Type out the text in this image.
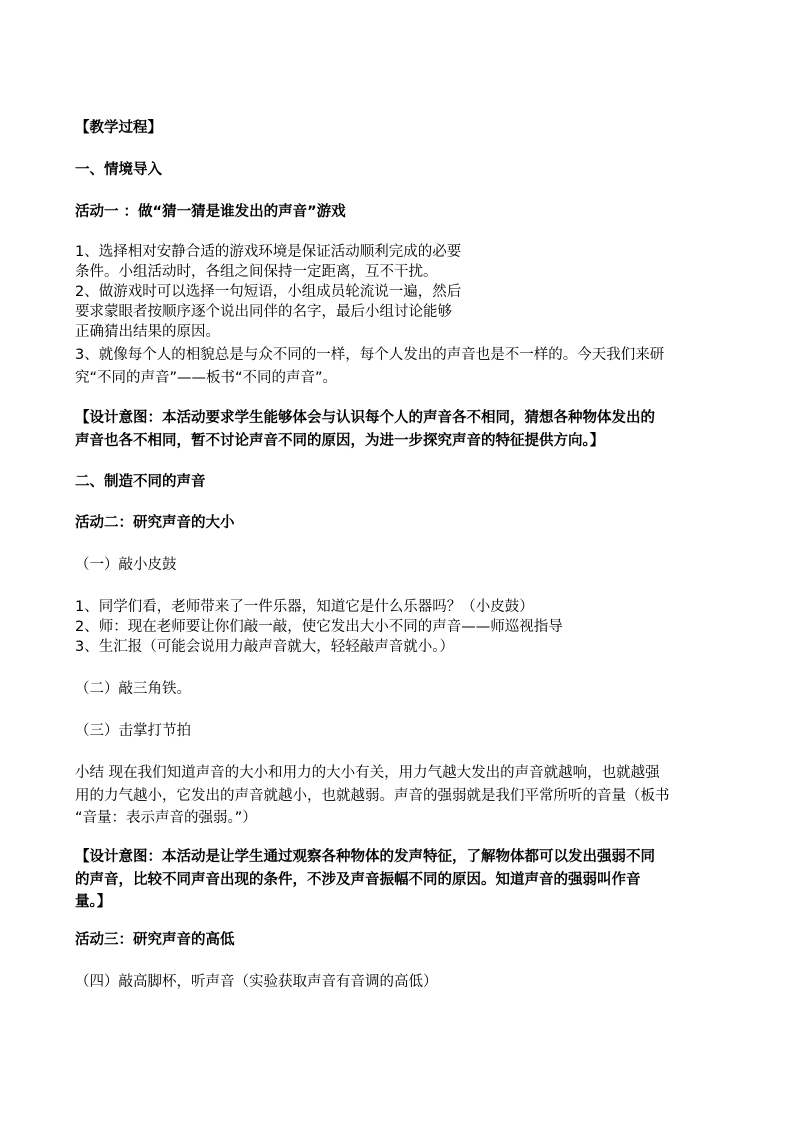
【教学过程】
一、情境导入
活动一 ：做“猜一猜是谁发出的声音”游戏
1、选择相对安静合适的游戏环境是保证活动顺利完成的必要
条件。小组活动时，各组之间保持一定距离，互不干扰。
2、做游戏时可以选择一句短语，小组成员轮流说一遍，然后
要求蒙眼者按顺序逐个说出同伴的名字，最后小组讨论能够
正确猜出结果的原因。
3、就像每个人的相貌总是与众不同的一样，每个人发出的声音也是不一样的。今天我们来研
究“不同的声音”——板书“不同的声音”。
【设计意图：本活动要求学生能够体会与认识每个人的声音各不相同，猜想各种物体发出的
声音也各不相同，暂不讨论声音不同的原因，为进一步探究声音的特征提供方向。】
二、制造不同的声音
活动二：研究声音的大小
（一）敲小皮鼓
1、同学们看，老师带来了一件乐器，知道它是什么乐器吗？（小皮鼓）
2、师：现在老师要让你们敲一敲，使它发出大小不同的声音——师巡视指导
3、生汇报（可能会说用力敲声音就大，轻轻敲声音就小。）
（二）敲三角铁。
（三）击掌打节拍
小结 现在我们知道声音的大小和用力的大小有关，用力气越大发出的声音就越响，也就越强
用的力气越小，它发出的声音就越小，也就越弱。声音的强弱就是我们平常所听的音量（板书
“音量：表示声音的强弱。”）
【设计意图：本活动是让学生通过观察各种物体的发声特征，了解物体都可以发出强弱不同
的声音，比较不同声音出现的条件，不涉及声音振幅不同的原因。知道声音的强弱叫作音
量。】
活动三：研究声音的高低
（四）敲高脚杯，听声音（实验获取声音有音调的高低）
